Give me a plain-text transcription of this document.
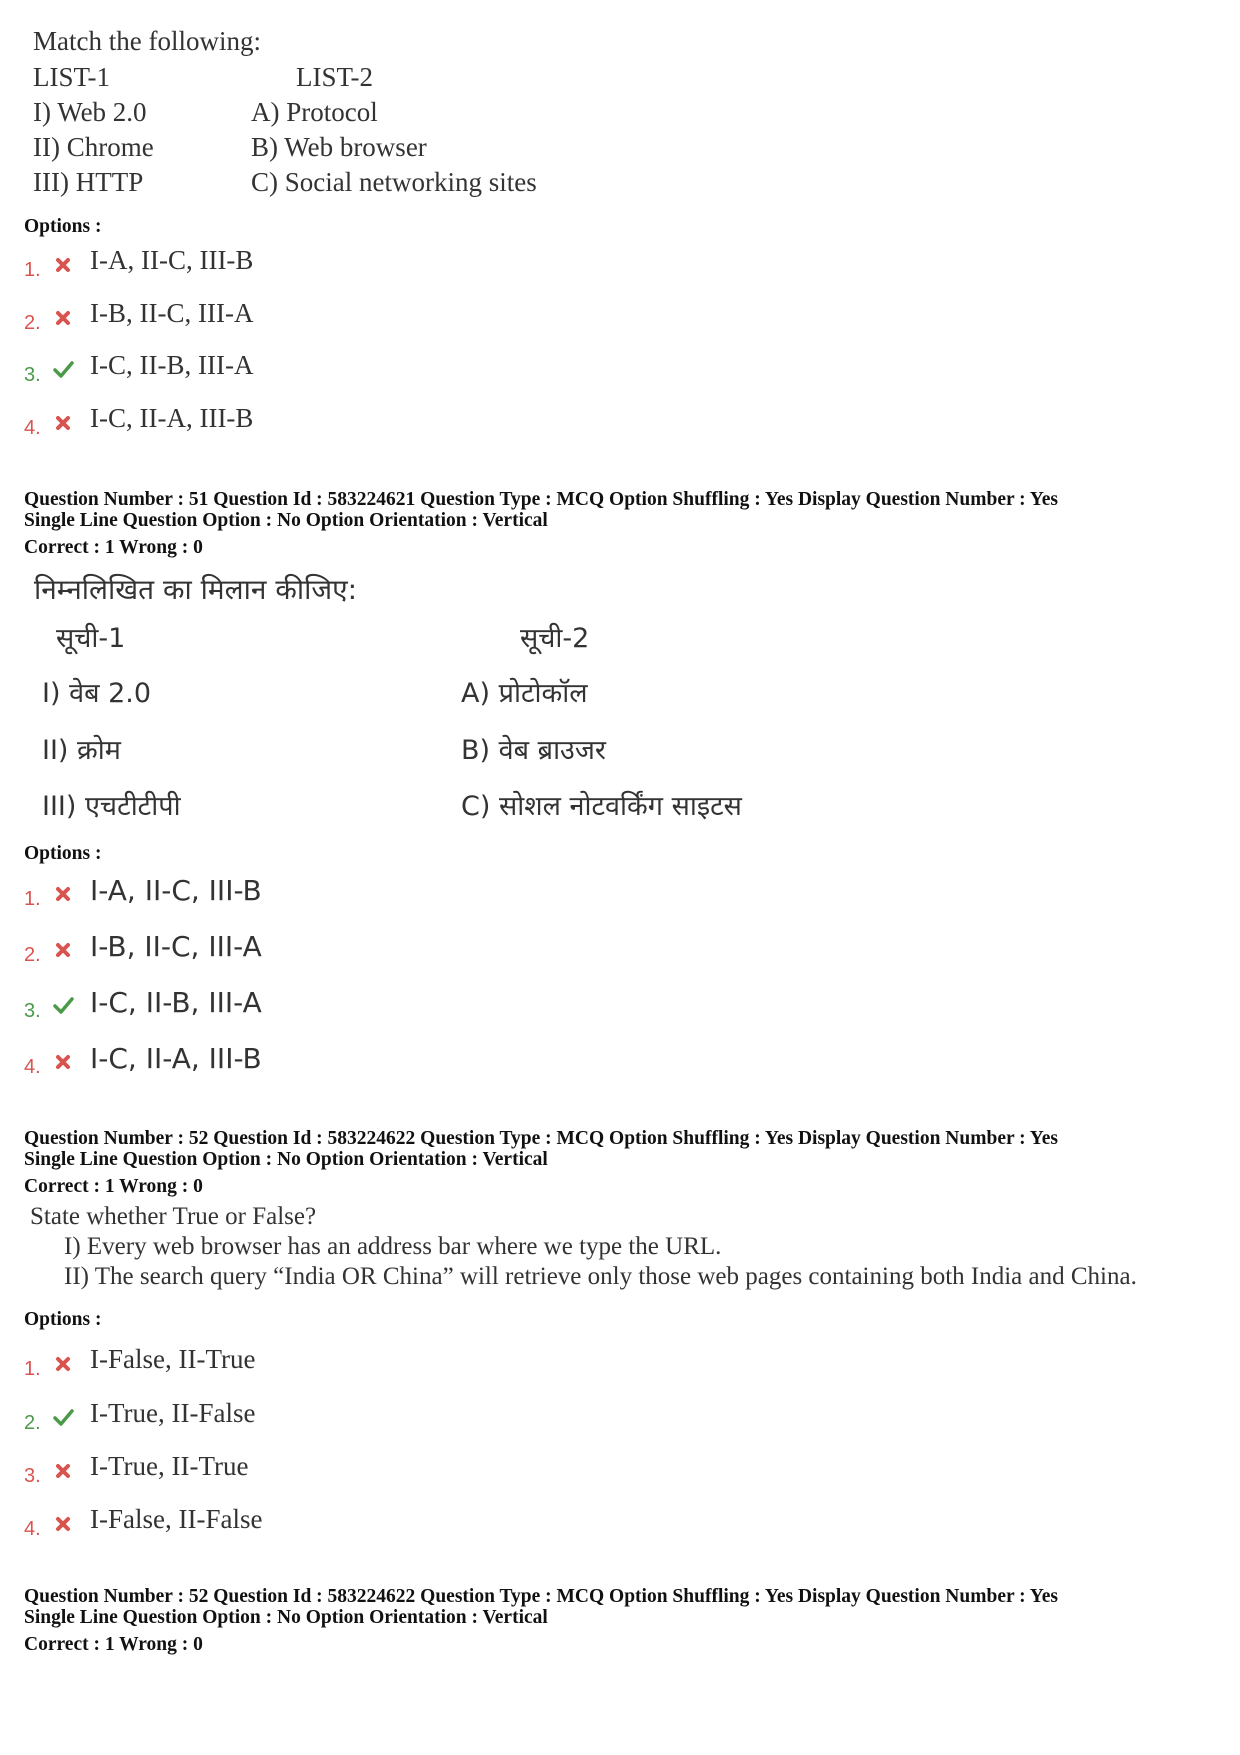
Match the following:
LIST-1	LIST-2
I) Web 2.0
II) Chrome
III) HTTP
A) Protocol
B) Web browser
C) Social networking sites
Options :
1. I-A, II-C, III-B
2. I-B, II-C, III-A
3. I-C, II-B, III-A
4. I-C, II-A, III-B
Question Number : 51 Question Id : 583224621 Question Type : MCQ Option Shuffling : Yes Display Question Number : Yes
Single Line Question Option : No Option Orientation : Vertical
Correct : 1 Wrong : 0
निम्नलिखित का मिलान कीजिए:
सूची-1	सूची-2
I) वेब 2.0
II) क्रोम
III) एचटीटीपी
A) प्रोटोकॉल
B) वेब ब्राउजर
C) सोशल नोटवर्किंग साइटस
Options :
1. I-A, II-C, III-B
2. I-B, II-C, III-A
3. I-C, II-B, III-A
4. I-C, II-A, III-B
Question Number : 52 Question Id : 583224622 Question Type : MCQ Option Shuffling : Yes Display Question Number : Yes
Single Line Question Option : No Option Orientation : Vertical
Correct : 1 Wrong : 0
State whether True or False?
I) Every web browser has an address bar where we type the URL.
II) The search query “India OR China” will retrieve only those web pages containing both India and China.
Options :
1. I-False, II-True
2. I-True, II-False
3. I-True, II-True
4. I-False, II-False
Question Number : 52 Question Id : 583224622 Question Type : MCQ Option Shuffling : Yes Display Question Number : Yes
Single Line Question Option : No Option Orientation : Vertical
Correct : 1 Wrong : 0
